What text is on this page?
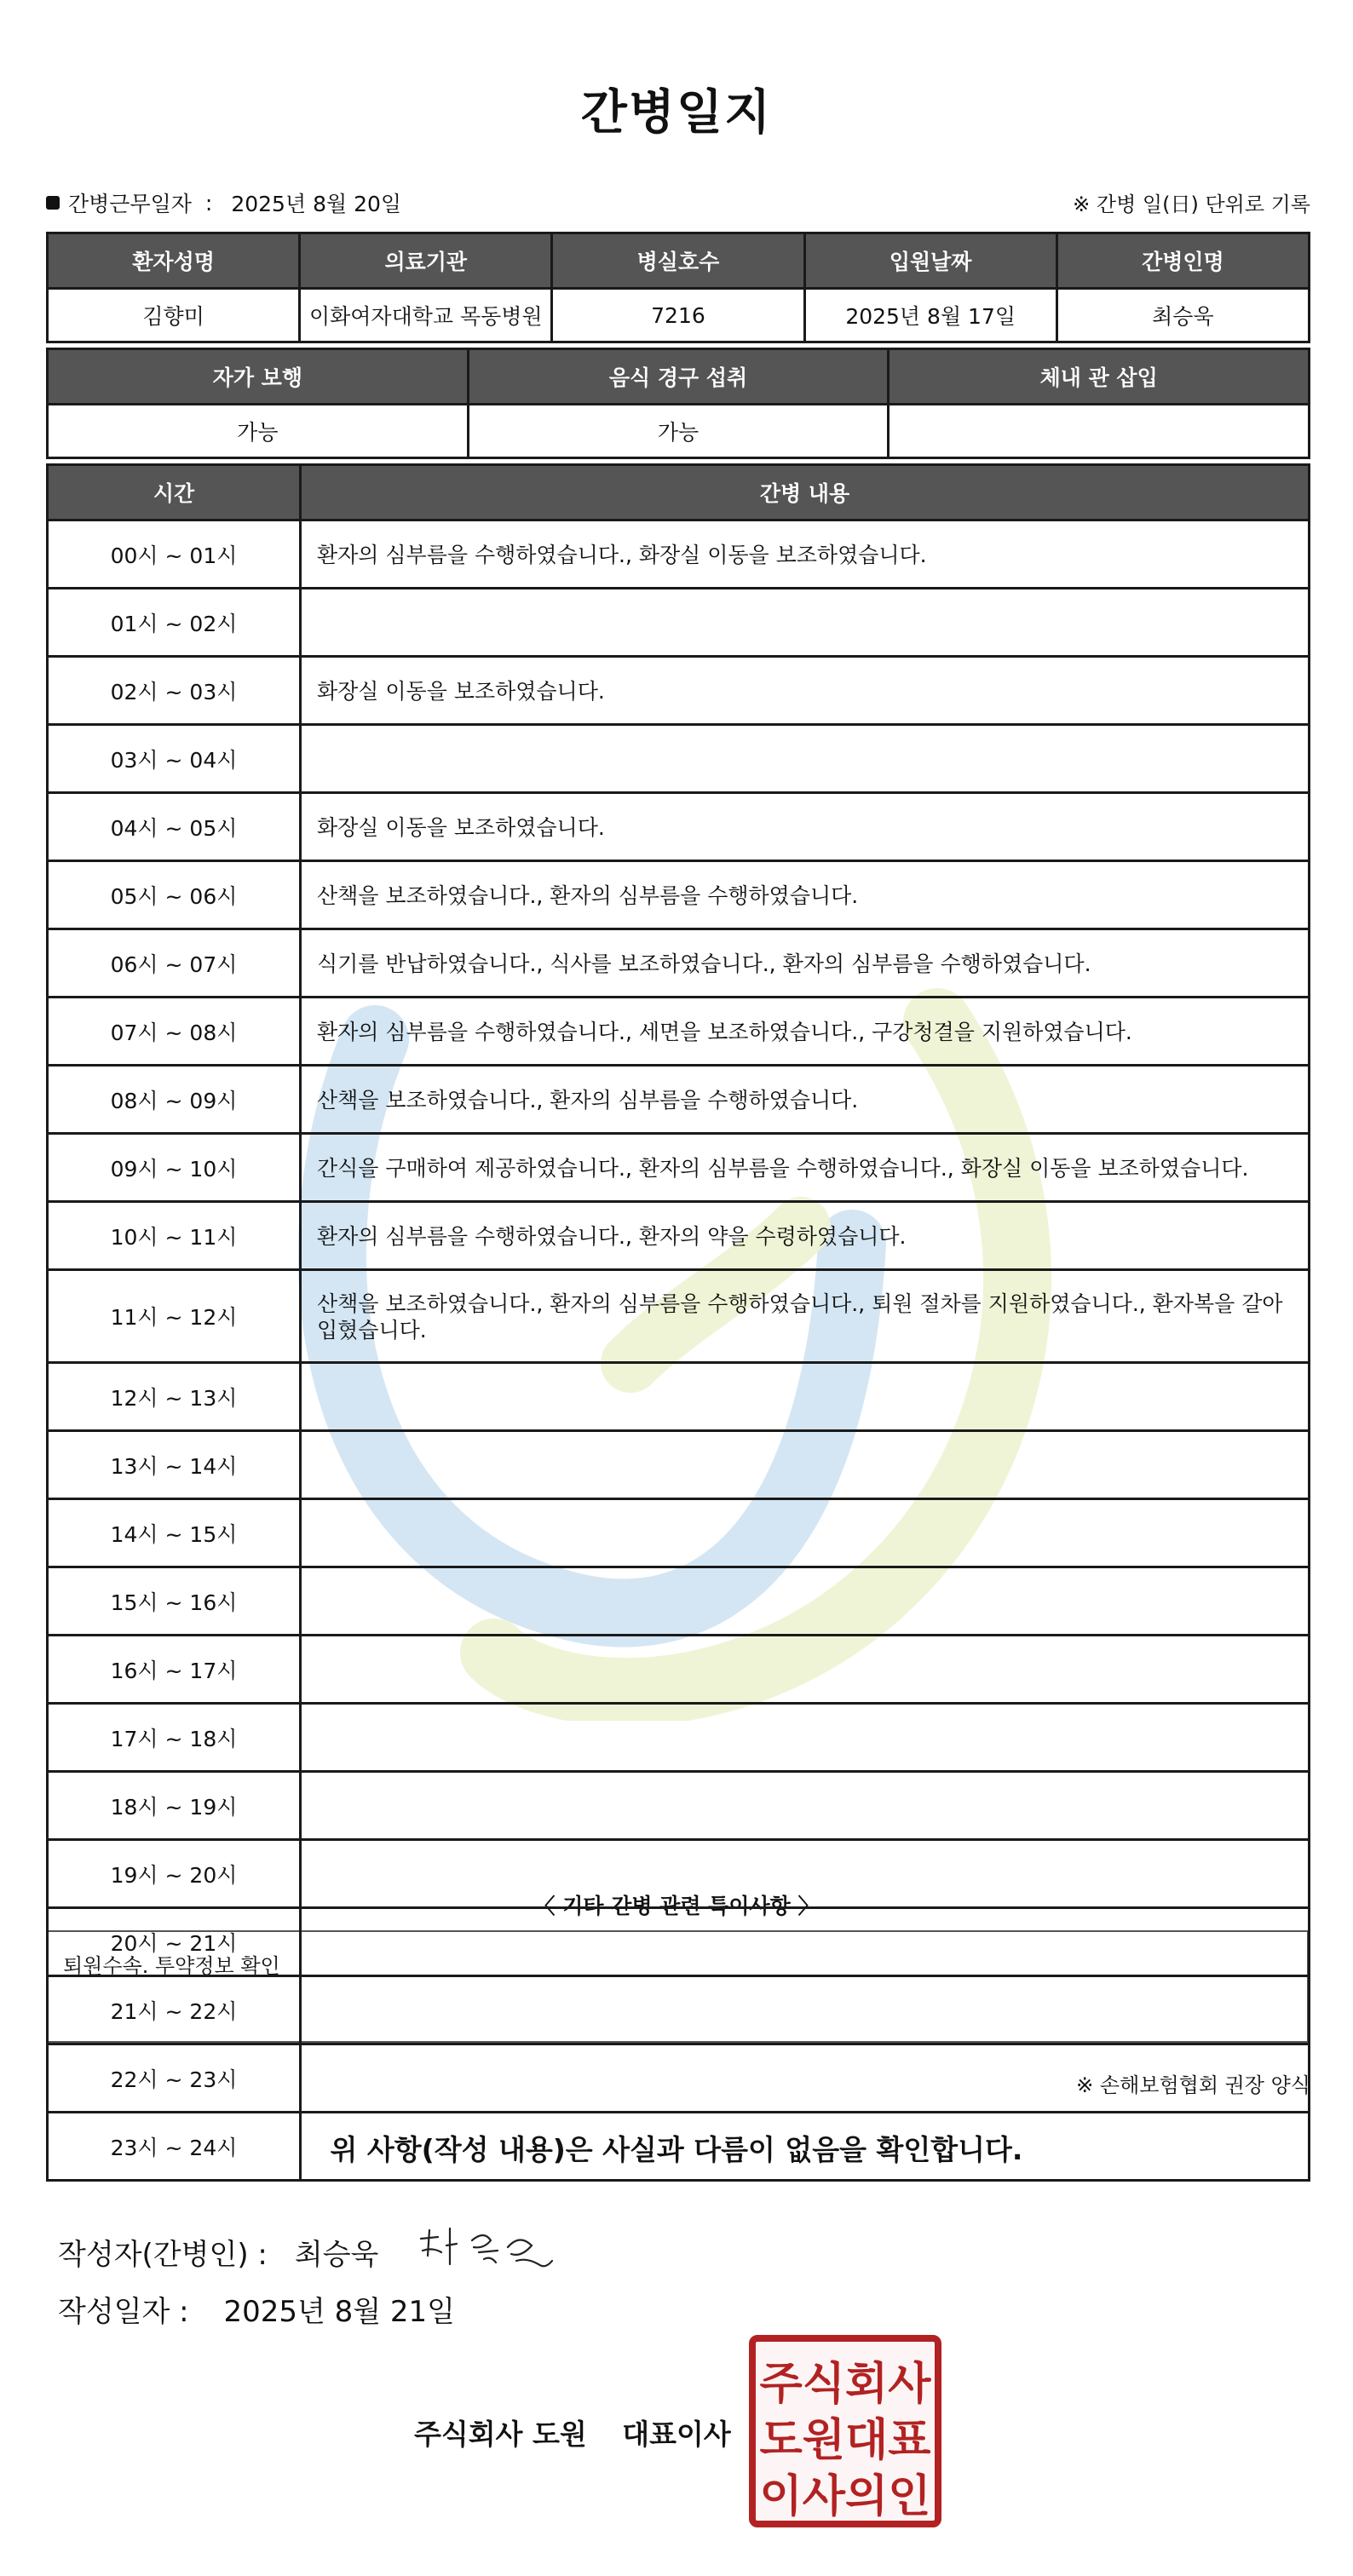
간병일지
간병근무일자 : 2025년 8월 20일	※ 간병 일(日) 단위로 기록
환자성명	의료기관	병실호수	입원날짜	간병인명
김향미	이화여자대학교 목동병원	7216	2025년 8월 17일	최승욱
자가 보행	음식 경구 섭취	체내 관 삽입
가능	가능	
시간	간병 내용
00시 ~ 01시	환자의 심부름을 수행하였습니다., 화장실 이동을 보조하였습니다.
01시 ~ 02시	
02시 ~ 03시	화장실 이동을 보조하였습니다.
03시 ~ 04시	
04시 ~ 05시	화장실 이동을 보조하였습니다.
05시 ~ 06시	산책을 보조하였습니다., 환자의 심부름을 수행하였습니다.
06시 ~ 07시	식기를 반납하였습니다., 식사를 보조하였습니다., 환자의 심부름을 수행하였습니다.
07시 ~ 08시	환자의 심부름을 수행하였습니다., 세면을 보조하였습니다., 구강청결을 지원하였습니다.
08시 ~ 09시	산책을 보조하였습니다., 환자의 심부름을 수행하였습니다.
09시 ~ 10시	간식을 구매하여 제공하였습니다., 환자의 심부름을 수행하였습니다., 화장실 이동을 보조하였습니다.
10시 ~ 11시	환자의 심부름을 수행하였습니다., 환자의 약을 수령하였습니다.
11시 ~ 12시	산책을 보조하였습니다., 환자의 심부름을 수행하였습니다., 퇴원 절차를 지원하였습니다., 환자복을 갈아입혔습니다.
12시 ~ 13시	
13시 ~ 14시	
14시 ~ 15시	
15시 ~ 16시	
16시 ~ 17시	
17시 ~ 18시	
18시 ~ 19시	
19시 ~ 20시	
20시 ~ 21시	
21시 ~ 22시	
22시 ~ 23시	
23시 ~ 24시	
〈 기타 간병 관련 특이사항 〉
퇴원수속. 투약정보 확인
※ 손해보험협회 권장 양식
위 사항(작성 내용)은 사실과 다름이 없음을 확인합니다.
작성자(간병인) : 최승욱
작성일자 : 2025년 8월 21일
주식회사 도원 대표이사
주식회사
도원대표
이사의인
